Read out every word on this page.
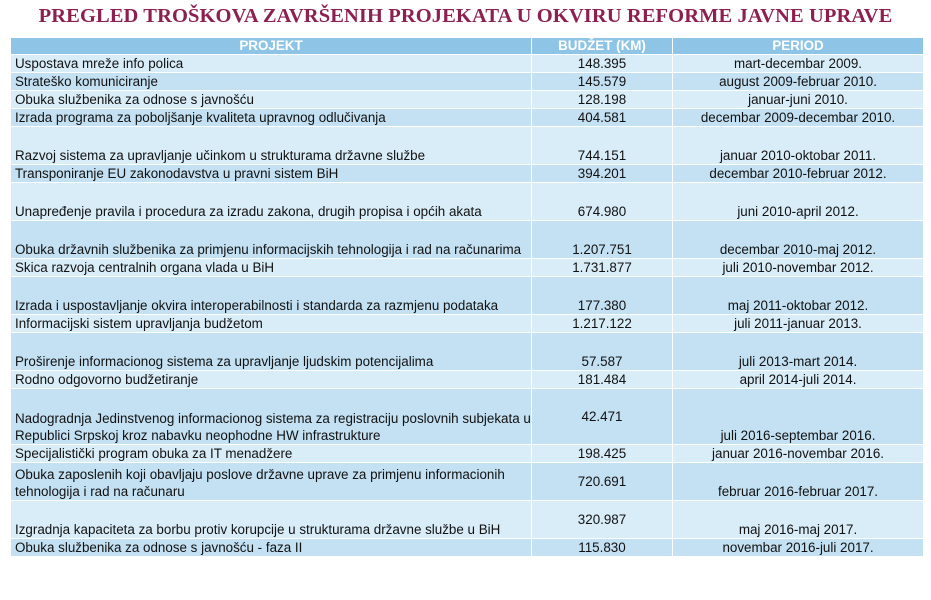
PREGLED TROŠKOVA ZAVRŠENIH PROJEKATA U OKVIRU REFORME JAVNE UPRAVE
PROJEKT	BUDŽET (KM)	PERIOD
Uspostava mreže info polica	148.395	mart-decembar 2009.
Strateško komuniciranje	145.579	august 2009-februar 2010.
Obuka službenika za odnose s javnošću	128.198	januar-juni 2010.
Izrada programa za poboljšanje kvaliteta upravnog odlučivanja	404.581	decembar 2009-decembar 2010.
Razvoj sistema za upravljanje učinkom u strukturama državne službe	744.151	januar 2010-oktobar 2011.
Transponiranje EU zakonodavstva u pravni sistem BiH	394.201	decembar 2010-februar 2012.
Unapređenje pravila i procedura za izradu zakona, drugih propisa i općih akata	674.980	juni 2010-april 2012.
Obuka državnih službenika za primjenu informacijskih tehnologija i rad na računarima	1.207.751	decembar 2010-maj 2012.
Skica razvoja centralnih organa vlada u BiH	1.731.877	juli 2010-novembar 2012.
Izrada i uspostavljanje okvira interoperabilnosti i standarda za razmjenu podataka	177.380	maj 2011-oktobar 2012.
Informacijski sistem upravljanja budžetom	1.217.122	juli 2011-januar 2013.
Proširenje informacionog sistema za upravljanje ljudskim potencijalima	57.587	juli 2013-mart 2014.
Rodno odgovorno budžetiranje	181.484	april 2014-juli 2014.
Nadogradnja Jedinstvenog informacionog sistema za registraciju poslovnih subjekata u Republici Srpskoj kroz nabavku neophodne HW infrastrukture	42.471	juli 2016-septembar 2016.
Specijalistički program obuka za IT menadžere	198.425	januar 2016-novembar 2016.
Obuka zaposlenih koji obavljaju poslove državne uprave za primjenu informacionih tehnologija i rad na računaru	720.691	februar 2016-februar 2017.
Izgradnja kapaciteta za borbu protiv korupcije u strukturama državne službe u BiH	320.987	maj 2016-maj 2017.
Obuka službenika za odnose s javnošću - faza II	115.830	novembar 2016-juli 2017.
